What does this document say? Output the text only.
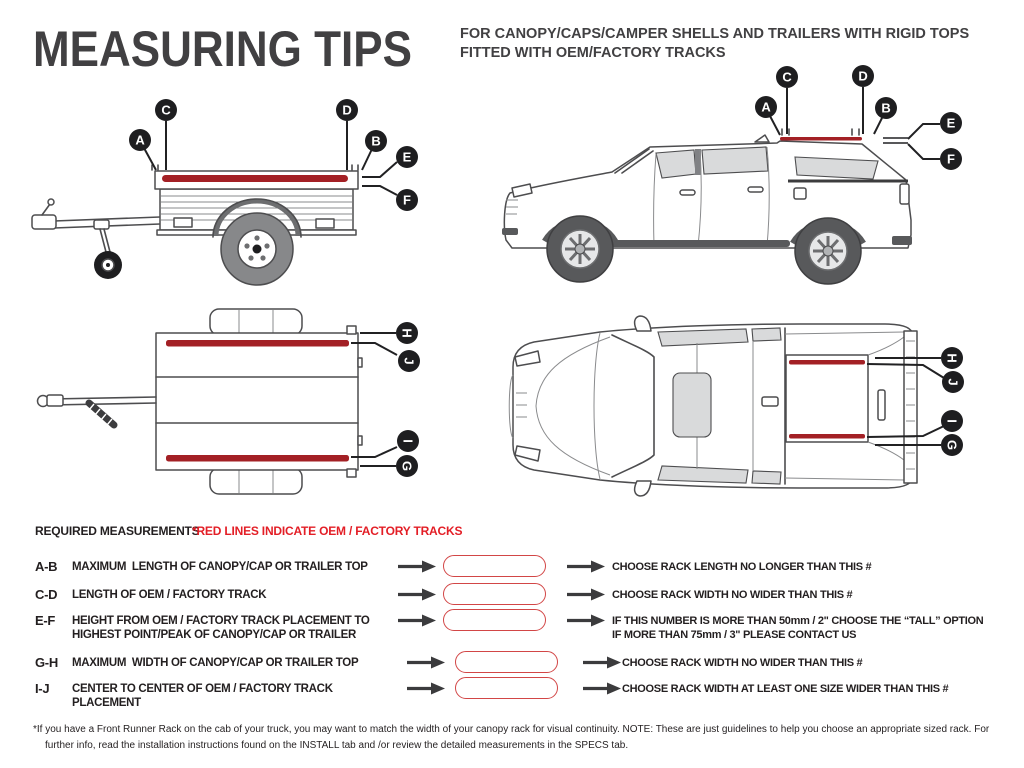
MEASURING TIPS	FOR CANOPY/CAPS/CAMPER SHELLS AND TRAILERS WITH RIGID TOPS
FITTED WITH OEM/FACTORY TRACKS
A
C	D
B
E
F
A
C	D
B
E
F
H
J
I
G
H
J
I
G
REQUIRED MEASUREMENTS
*RED LINES INDICATE OEM / FACTORY TRACKS
A-B MAXIMUM  LENGTH OF CANOPY/CAP OR TRAILER TOP	CHOOSE RACK LENGTH NO LONGER THAN THIS #
C-D LENGTH OF OEM / FACTORY TRACK	CHOOSE RACK WIDTH NO WIDER THAN THIS #
E-F HEIGHT FROM OEM / FACTORY TRACK PLACEMENT TO
HIGHEST POINT/PEAK OF CANOPY/CAP OR TRAILER
IF THIS NUMBER IS MORE THAN 50mm / 2" CHOOSE THE “TALL” OPTION
IF MORE THAN 75mm / 3" PLEASE CONTACT US
G-H MAXIMUM  WIDTH OF CANOPY/CAP OR TRAILER TOP	CHOOSE RACK WIDTH NO WIDER THAN THIS #
I-J CENTER TO CENTER OF OEM / FACTORY TRACK PLACEMENT
CHOOSE RACK WIDTH AT LEAST ONE SIZE WIDER THAN THIS #
*If you have a Front Runner Rack on the cab of your truck, you may want to match the width of your canopy rack for visual continuity. NOTE: These are just guidelines to help you choose an appropriate sized rack. For further info, read the installation instructions found on the INSTALL tab and /or review the detailed measurements in the SPECS tab.
